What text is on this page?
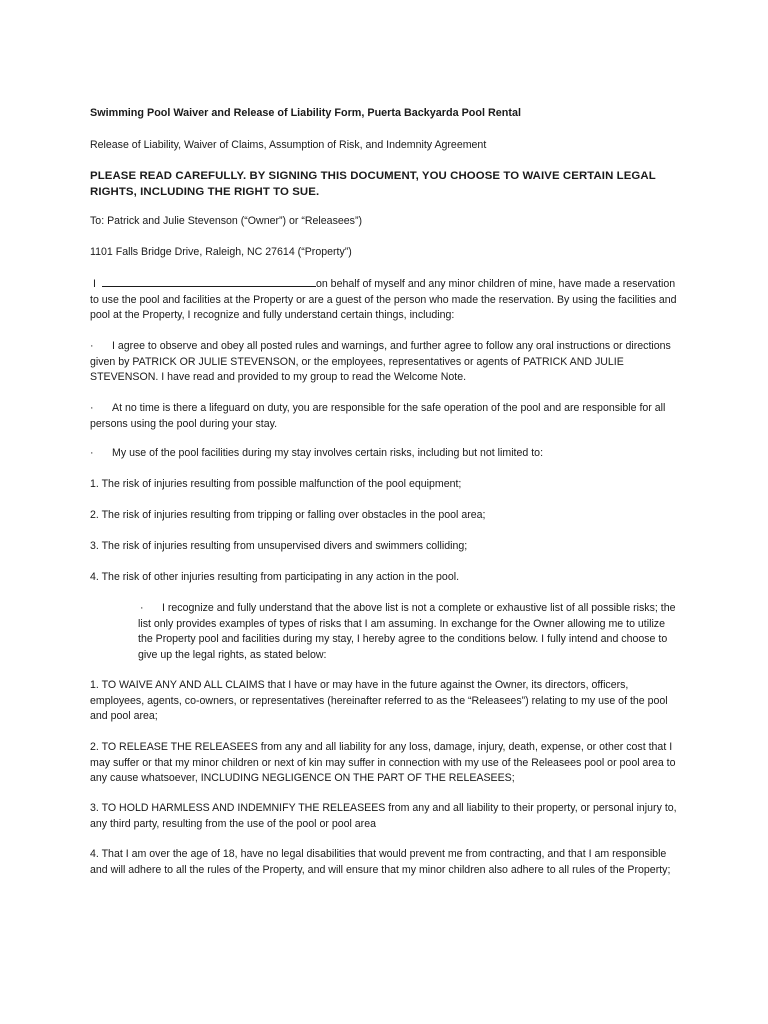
Swimming Pool Waiver and Release of Liability Form, Puerta Backyarda Pool Rental

Release of Liability, Waiver of Claims, Assumption of Risk, and Indemnity Agreement

PLEASE READ CAREFULLY. BY SIGNING THIS DOCUMENT, YOU CHOOSE TO WAIVE CERTAIN LEGAL RIGHTS, INCLUDING THE RIGHT TO SUE.

To: Patrick and Julie Stevenson (“Owner”) or “Releasees”)

1101 Falls Bridge Drive, Raleigh, NC 27614 (“Property”)

I	on behalf of myself and any minor children of mine, have made a reservation to use the pool and facilities at the Property or are a guest of the person who made the reservation. By using the facilities and pool at the Property, I recognize and fully understand certain things, including:

· I agree to observe and obey all posted rules and warnings, and further agree to follow any oral instructions or directions given by PATRICK OR JULIE STEVENSON, or the employees, representatives or agents of PATRICK AND JULIE STEVENSON. I have read and provided to my group to read the Welcome Note.

· At no time is there a lifeguard on duty, you are responsible for the safe operation of the pool and are responsible for all persons using the pool during your stay.

· My use of the pool facilities during my stay involves certain risks, including but not limited to:

1. The risk of injuries resulting from possible malfunction of the pool equipment;

2. The risk of injuries resulting from tripping or falling over obstacles in the pool area;

3. The risk of injuries resulting from unsupervised divers and swimmers colliding;

4. The risk of other injuries resulting from participating in any action in the pool.

· I recognize and fully understand that the above list is not a complete or exhaustive list of all possible risks; the list only provides examples of types of risks that I am assuming. In exchange for the Owner allowing me to utilize the Property pool and facilities during my stay, I hereby agree to the conditions below. I fully intend and choose to give up the legal rights, as stated below:

1. TO WAIVE ANY AND ALL CLAIMS that I have or may have in the future against the Owner, its directors, officers, employees, agents, co-owners, or representatives (hereinafter referred to as the “Releasees”) relating to my use of the pool and pool area;

2. TO RELEASE THE RELEASEES from any and all liability for any loss, damage, injury, death, expense, or other cost that I may suffer or that my minor children or next of kin may suffer in connection with my use of the Releasees pool or pool area to any cause whatsoever, INCLUDING NEGLIGENCE ON THE PART OF THE RELEASEES;

3. TO HOLD HARMLESS AND INDEMNIFY THE RELEASEES from any and all liability to their property, or personal injury to, any third party, resulting from the use of the pool or pool area

4. That I am over the age of 18, have no legal disabilities that would prevent me from contracting, and that I am responsible and will adhere to all the rules of the Property, and will ensure that my minor children also adhere to all rules of the Property;
